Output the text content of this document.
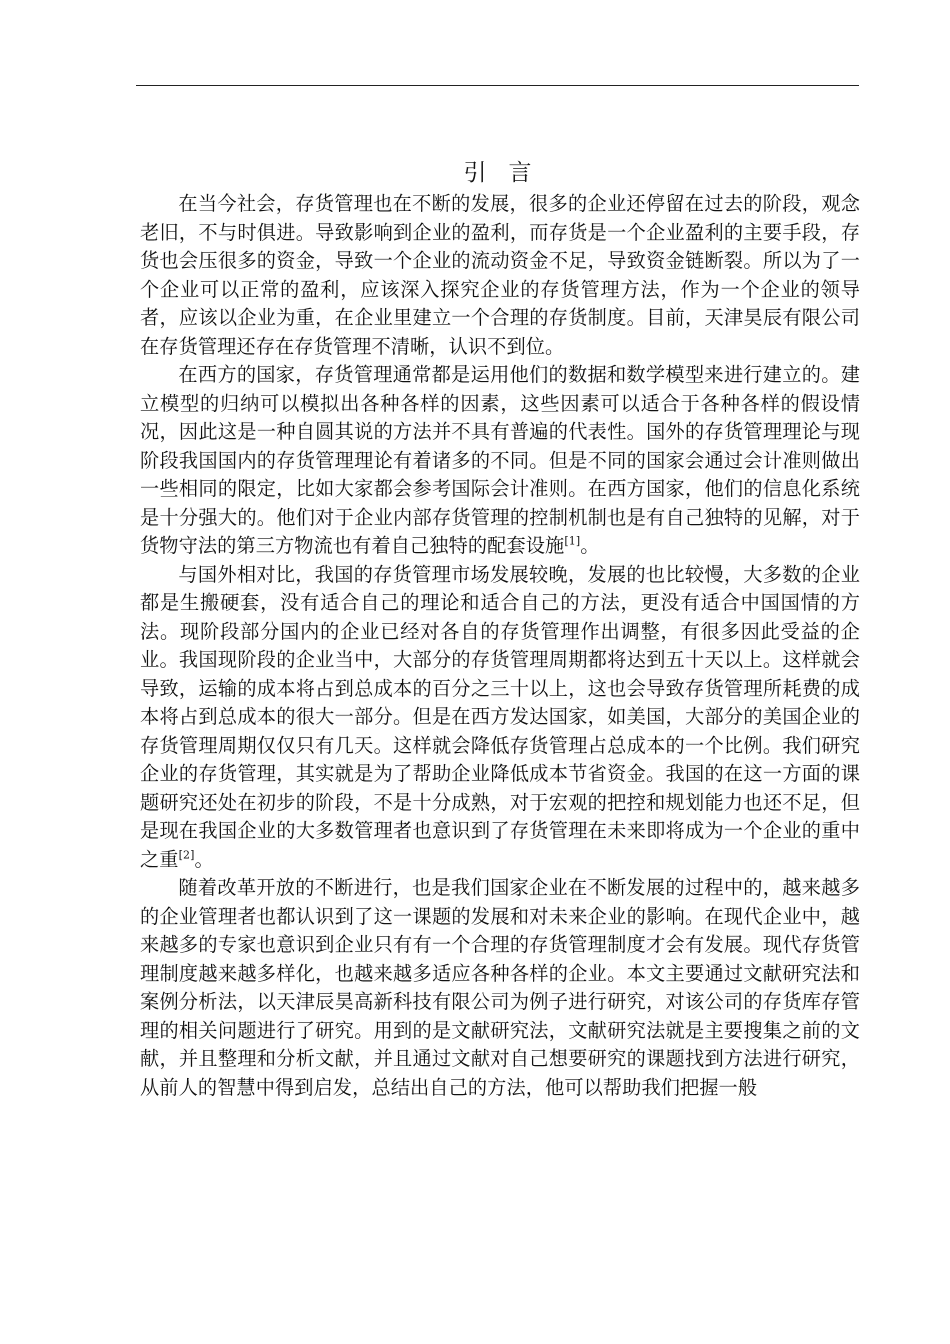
引言

在当今社会，存货管理也在不断的发展，很多的企业还停留在过去的阶段，观念老旧，不与时俱进。导致影响到企业的盈利，而存货是一个企业盈利的主要手段，存货也会压很多的资金，导致一个企业的流动资金不足，导致资金链断裂。所以为了一个企业可以正常的盈利，应该深入探究企业的存货管理方法，作为一个企业的领导者，应该以企业为重，在企业里建立一个合理的存货制度。目前，天津昊辰有限公司在存货管理还存在存货管理不清晰，认识不到位。

在西方的国家，存货管理通常都是运用他们的数据和数学模型来进行建立的。建立模型的归纳可以模拟出各种各样的因素，这些因素可以适合于各种各样的假设情况，因此这是一种自圆其说的方法并不具有普遍的代表性。国外的存货管理理论与现阶段我国国内的存货管理理论有着诸多的不同。但是不同的国家会通过会计准则做出一些相同的限定，比如大家都会参考国际会计准则。在西方国家，他们的信息化系统是十分强大的。他们对于企业内部存货管理的控制机制也是有自己独特的见解，对于货物守法的第三方物流也有着自己独特的配套设施[1]。

与国外相对比，我国的存货管理市场发展较晚，发展的也比较慢，大多数的企业都是生搬硬套，没有适合自己的理论和适合自己的方法，更没有适合中国国情的方法。现阶段部分国内的企业已经对各自的存货管理作出调整，有很多因此受益的企业。我国现阶段的企业当中，大部分的存货管理周期都将达到五十天以上。这样就会导致，运输的成本将占到总成本的百分之三十以上，这也会导致存货管理所耗费的成本将占到总成本的很大一部分。但是在西方发达国家，如美国，大部分的美国企业的存货管理周期仅仅只有几天。这样就会降低存货管理占总成本的一个比例。我们研究企业的存货管理，其实就是为了帮助企业降低成本节省资金。我国的在这一方面的课题研究还处在初步的阶段，不是十分成熟，对于宏观的把控和规划能力也还不足，但是现在我国企业的大多数管理者也意识到了存货管理在未来即将成为一个企业的重中之重[2]。

随着改革开放的不断进行，也是我们国家企业在不断发展的过程中的，越来越多的企业管理者也都认识到了这一课题的发展和对未来企业的影响。在现代企业中，越来越多的专家也意识到企业只有有一个合理的存货管理制度才会有发展。现代存货管理制度越来越多样化，也越来越多适应各种各样的企业。本文主要通过文献研究法和案例分析法，以天津辰昊高新科技有限公司为例子进行研究，对该公司的存货库存管理的相关问题进行了研究。用到的是文献研究法，文献研究法就是主要搜集之前的文献，并且整理和分析文献，并且通过文献对自己想要研究的课题找到方法进行研究，从前人的智慧中得到启发，总结出自己的方法，他可以帮助我们把握一般
